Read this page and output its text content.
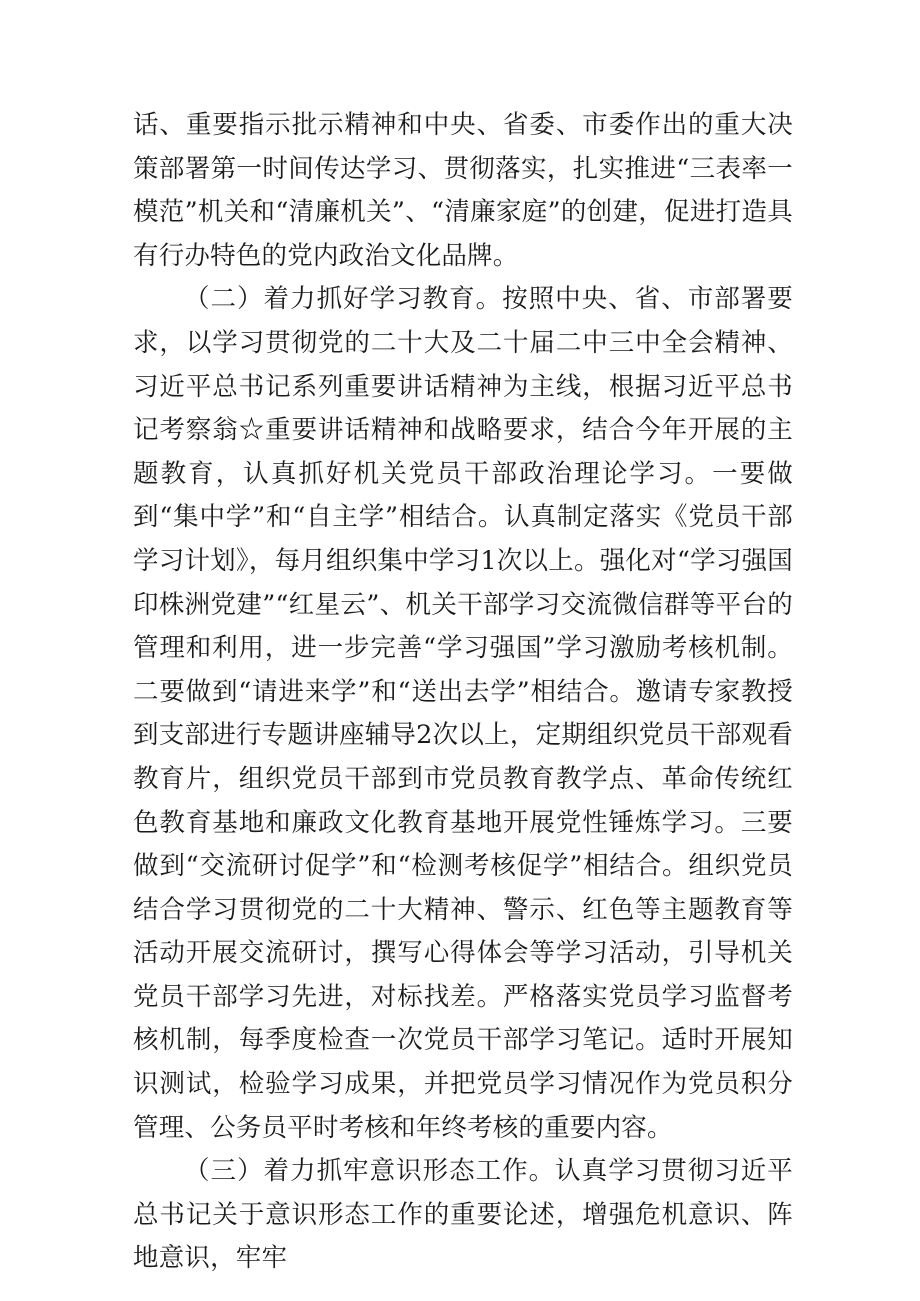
话、重要指示批示精神和中央、省委、市委作出的重大决策部署第一时间传达学习、贯彻落实，扎实推进“三表率一模范”机关和“清廉机关”、“清廉家庭”的创建，促进打造具有行办特色的党内政治文化品牌。

（二）着力抓好学习教育。按照中央、省、市部署要求，以学习贯彻党的二十大及二十届二中三中全会精神、习近平总书记系列重要讲话精神为主线，根据习近平总书记考察翁☆重要讲话精神和战略要求，结合今年开展的主题教育，认真抓好机关党员干部政治理论学习。一要做到“集中学”和“自主学”相结合。认真制定落实《党员干部学习计划》，每月组织集中学习1次以上。强化对“学习强国印株洲党建”“红星云”、机关干部学习交流微信群等平台的管理和利用，进一步完善“学习强国”学习激励考核机制。二要做到“请进来学”和“送出去学”相结合。邀请专家教授到支部进行专题讲座辅导2次以上，定期组织党员干部观看教育片，组织党员干部到市党员教育教学点、革命传统红色教育基地和廉政文化教育基地开展党性锤炼学习。三要做到“交流研讨促学”和“检测考核促学”相结合。组织党员结合学习贯彻党的二十大精神、警示、红色等主题教育等活动开展交流研讨，撰写心得体会等学习活动，引导机关党员干部学习先进，对标找差。严格落实党员学习监督考核机制，每季度检查一次党员干部学习笔记。适时开展知识测试，检验学习成果，并把党员学习情况作为党员积分管理、公务员平时考核和年终考核的重要内容。

（三）着力抓牢意识形态工作。认真学习贯彻习近平总书记关于意识形态工作的重要论述，增强危机意识、阵地意识，牢牢
